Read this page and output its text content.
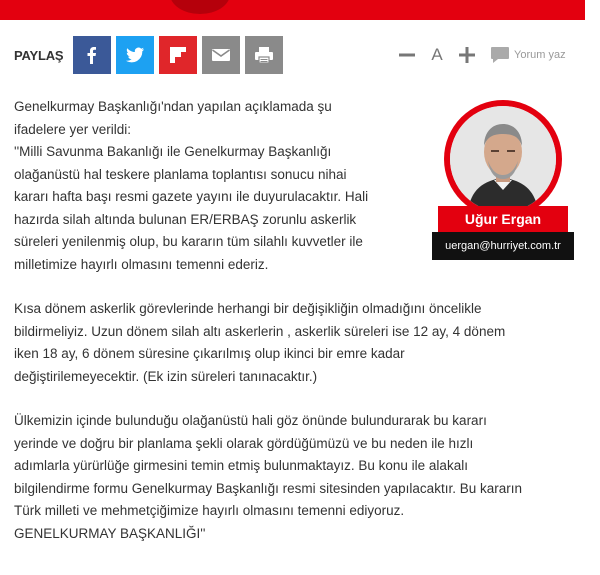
PAYLAŞ	A	Yorum yaz
Uğur Ergan
uergan@hurriyet.com.tr

Genelkurmay Başkanlığı'ndan yapılan açıklamada şu
ifadelere yer verildi:
''Milli Savunma Bakanlığı ile Genelkurmay Başkanlığı
olağanüstü hal teskere planlama toplantısı sonucu nihai
kararı hafta başı resmi gazete yayını ile duyurulacaktır. Hali
hazırda silah altında bulunan ER/ERBAŞ zorunlu askerlik
süreleri yenilenmiş olup, bu kararın tüm silahlı kuvvetler ile
milletimize hayırlı olmasını temenni ederiz.

Kısa dönem askerlik görevlerinde herhangi bir değişikliğin olmadığını öncelikle
bildirmeliyiz. Uzun dönem silah altı askerlerin , askerlik süreleri ise 12 ay, 4 dönem
iken 18 ay, 6 dönem süresine çıkarılmış olup ikinci bir emre kadar
değiştirilemeyecektir. (Ek izin süreleri tanınacaktır.)

Ülkemizin içinde bulunduğu olağanüstü hali göz önünde bulundurarak bu kararı
yerinde ve doğru bir planlama şekli olarak gördüğümüzü ve bu neden ile hızlı
adımlarla yürürlüğe girmesini temin etmiş bulunmaktayız. Bu konu ile alakalı
bilgilendirme formu Genelkurmay Başkanlığı resmi sitesinden yapılacaktır. Bu kararın
Türk milleti ve mehmetçiğimize hayırlı olmasını temenni ediyoruz.
GENELKURMAY BAŞKANLIĞI''
